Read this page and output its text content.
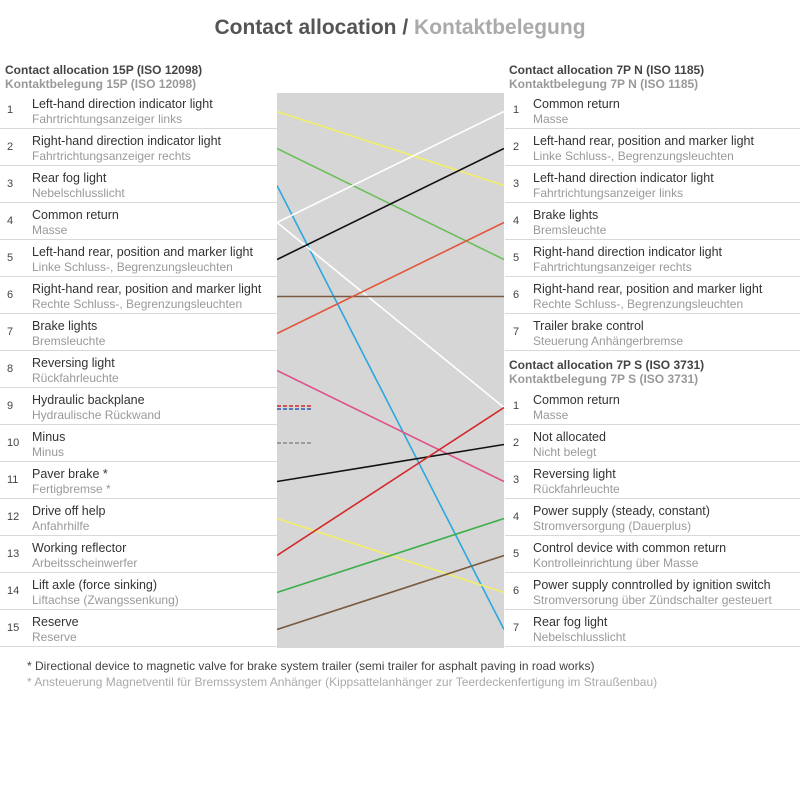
Contact allocation / Kontaktbelegung
Contact allocation 15P (ISO 12098)
Kontaktbelegung 15P (ISO 12098)
Contact allocation 7P N (ISO 1185)
Kontaktbelegung 7P N (ISO 1185)
Contact allocation 7P S (ISO 3731)
Kontaktbelegung 7P S (ISO 3731)
1 Left-hand direction indicator light
Fahrtrichtungsanzeiger links
2 Right-hand direction indicator light
Fahrtrichtungsanzeiger rechts
3 Rear fog light
Nebelschlusslicht
4 Common return
Masse
5 Left-hand rear, position and marker light
Linke Schluss-, Begrenzungsleuchten
6 Right-hand rear, position and marker light
Rechte Schluss-, Begrenzungsleuchten
7 Brake lights
Bremsleuchte
8 Reversing light
Rückfahrleuchte
9 Hydraulic backplane
Hydraulische Rückwand
10 Minus
Minus
11 Paver brake *
Fertigbremse *
12 Drive off help
Anfahrhilfe
13 Working reflector
Arbeitsscheinwerfer
14 Lift axle (force sinking)
Liftachse (Zwangssenkung)
15 Reserve
Reserve
1 Common return
Masse
2 Left-hand rear, position and marker light
Linke Schluss-, Begrenzungsleuchten
3 Left-hand direction indicator light
Fahrtrichtungsanzeiger links
4 Brake lights
Bremsleuchte
5 Right-hand direction indicator light
Fahrtrichtungsanzeiger rechts
6 Right-hand rear, position and marker light
Rechte Schluss-, Begrenzungsleuchten
7 Trailer brake control
Steuerung Anhängerbremse
1 Common return
Masse
2 Not allocated
Nicht belegt
3 Reversing light
Rückfahrleuchte
4 Power supply (steady, constant)
Stromversorgung (Dauerplus)
5 Control device with common return
Kontrolleinrichtung über Masse
6 Power supply conntrolled by ignition switch
Stromversorung über Zündschalter gesteuert
7 Rear fog light
Nebelschlusslicht
* Directional device to magnetic valve for brake system trailer (semi trailer for asphalt paving in road works)
* Ansteuerung Magnetventil für Bremssystem Anhänger (Kippsattelanhänger zur Teerdeckenfertigung im Straußenbau)
